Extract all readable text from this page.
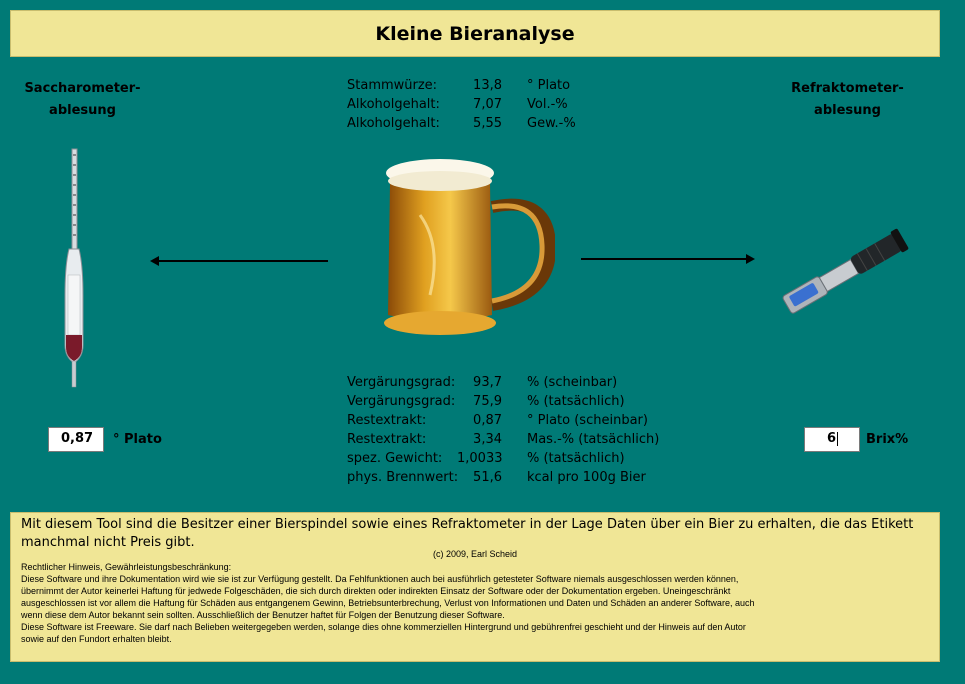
Kleine Bieranalyse
Saccharometer-
ablesung
Refraktometer-
ablesung
Stammwürze:	13,8 ° Plato
Alkoholgehalt:	7,07 Vol.-%
Alkoholgehalt:	5,55 Gew.-%
0,87	° Plato	6	Brix%
Vergärungsgrad:	93,7 % (scheinbar)
Vergärungsgrad:	75,9 % (tatsächlich)
Restextrakt:	0,87 ° Plato (scheinbar)
Restextrakt:	3,34 Mas.-% (tatsächlich)
spez. Gewicht: 1,0033 % (tatsächlich)
phys. Brennwert:	51,6 kcal pro 100g Bier
Mit diesem Tool sind die Besitzer einer Bierspindel sowie eines Refraktometer in der Lage Daten über ein Bier zu erhalten, die das Etikett
manchmal nicht Preis gibt.
(c) 2009, Earl Scheid
Rechtlicher Hinweis, Gewährleistungsbeschränkung:
Diese Software und ihre Dokumentation wird wie sie ist zur Verfügung gestellt. Da Fehlfunktionen auch bei ausführlich getesteter Software niemals ausgeschlossen werden können,
übernimmt der Autor keinerlei Haftung für jedwede Folgeschäden, die sich durch direkten oder indirekten Einsatz der Software oder der Dokumentation ergeben. Uneingeschränkt
ausgeschlossen ist vor allem die Haftung für Schäden aus entgangenem Gewinn, Betriebsunterbrechung, Verlust von Informationen und Daten und Schäden an anderer Software, auch
wenn diese dem Autor bekannt sein sollten. Ausschließlich der Benutzer haftet für Folgen der Benutzung dieser Software.
Diese Software ist Freeware. Sie darf nach Belieben weitergegeben werden, solange dies ohne kommerziellen Hintergrund und gebührenfrei geschieht und der Hinweis auf den Autor
sowie auf den Fundort erhalten bleibt.
